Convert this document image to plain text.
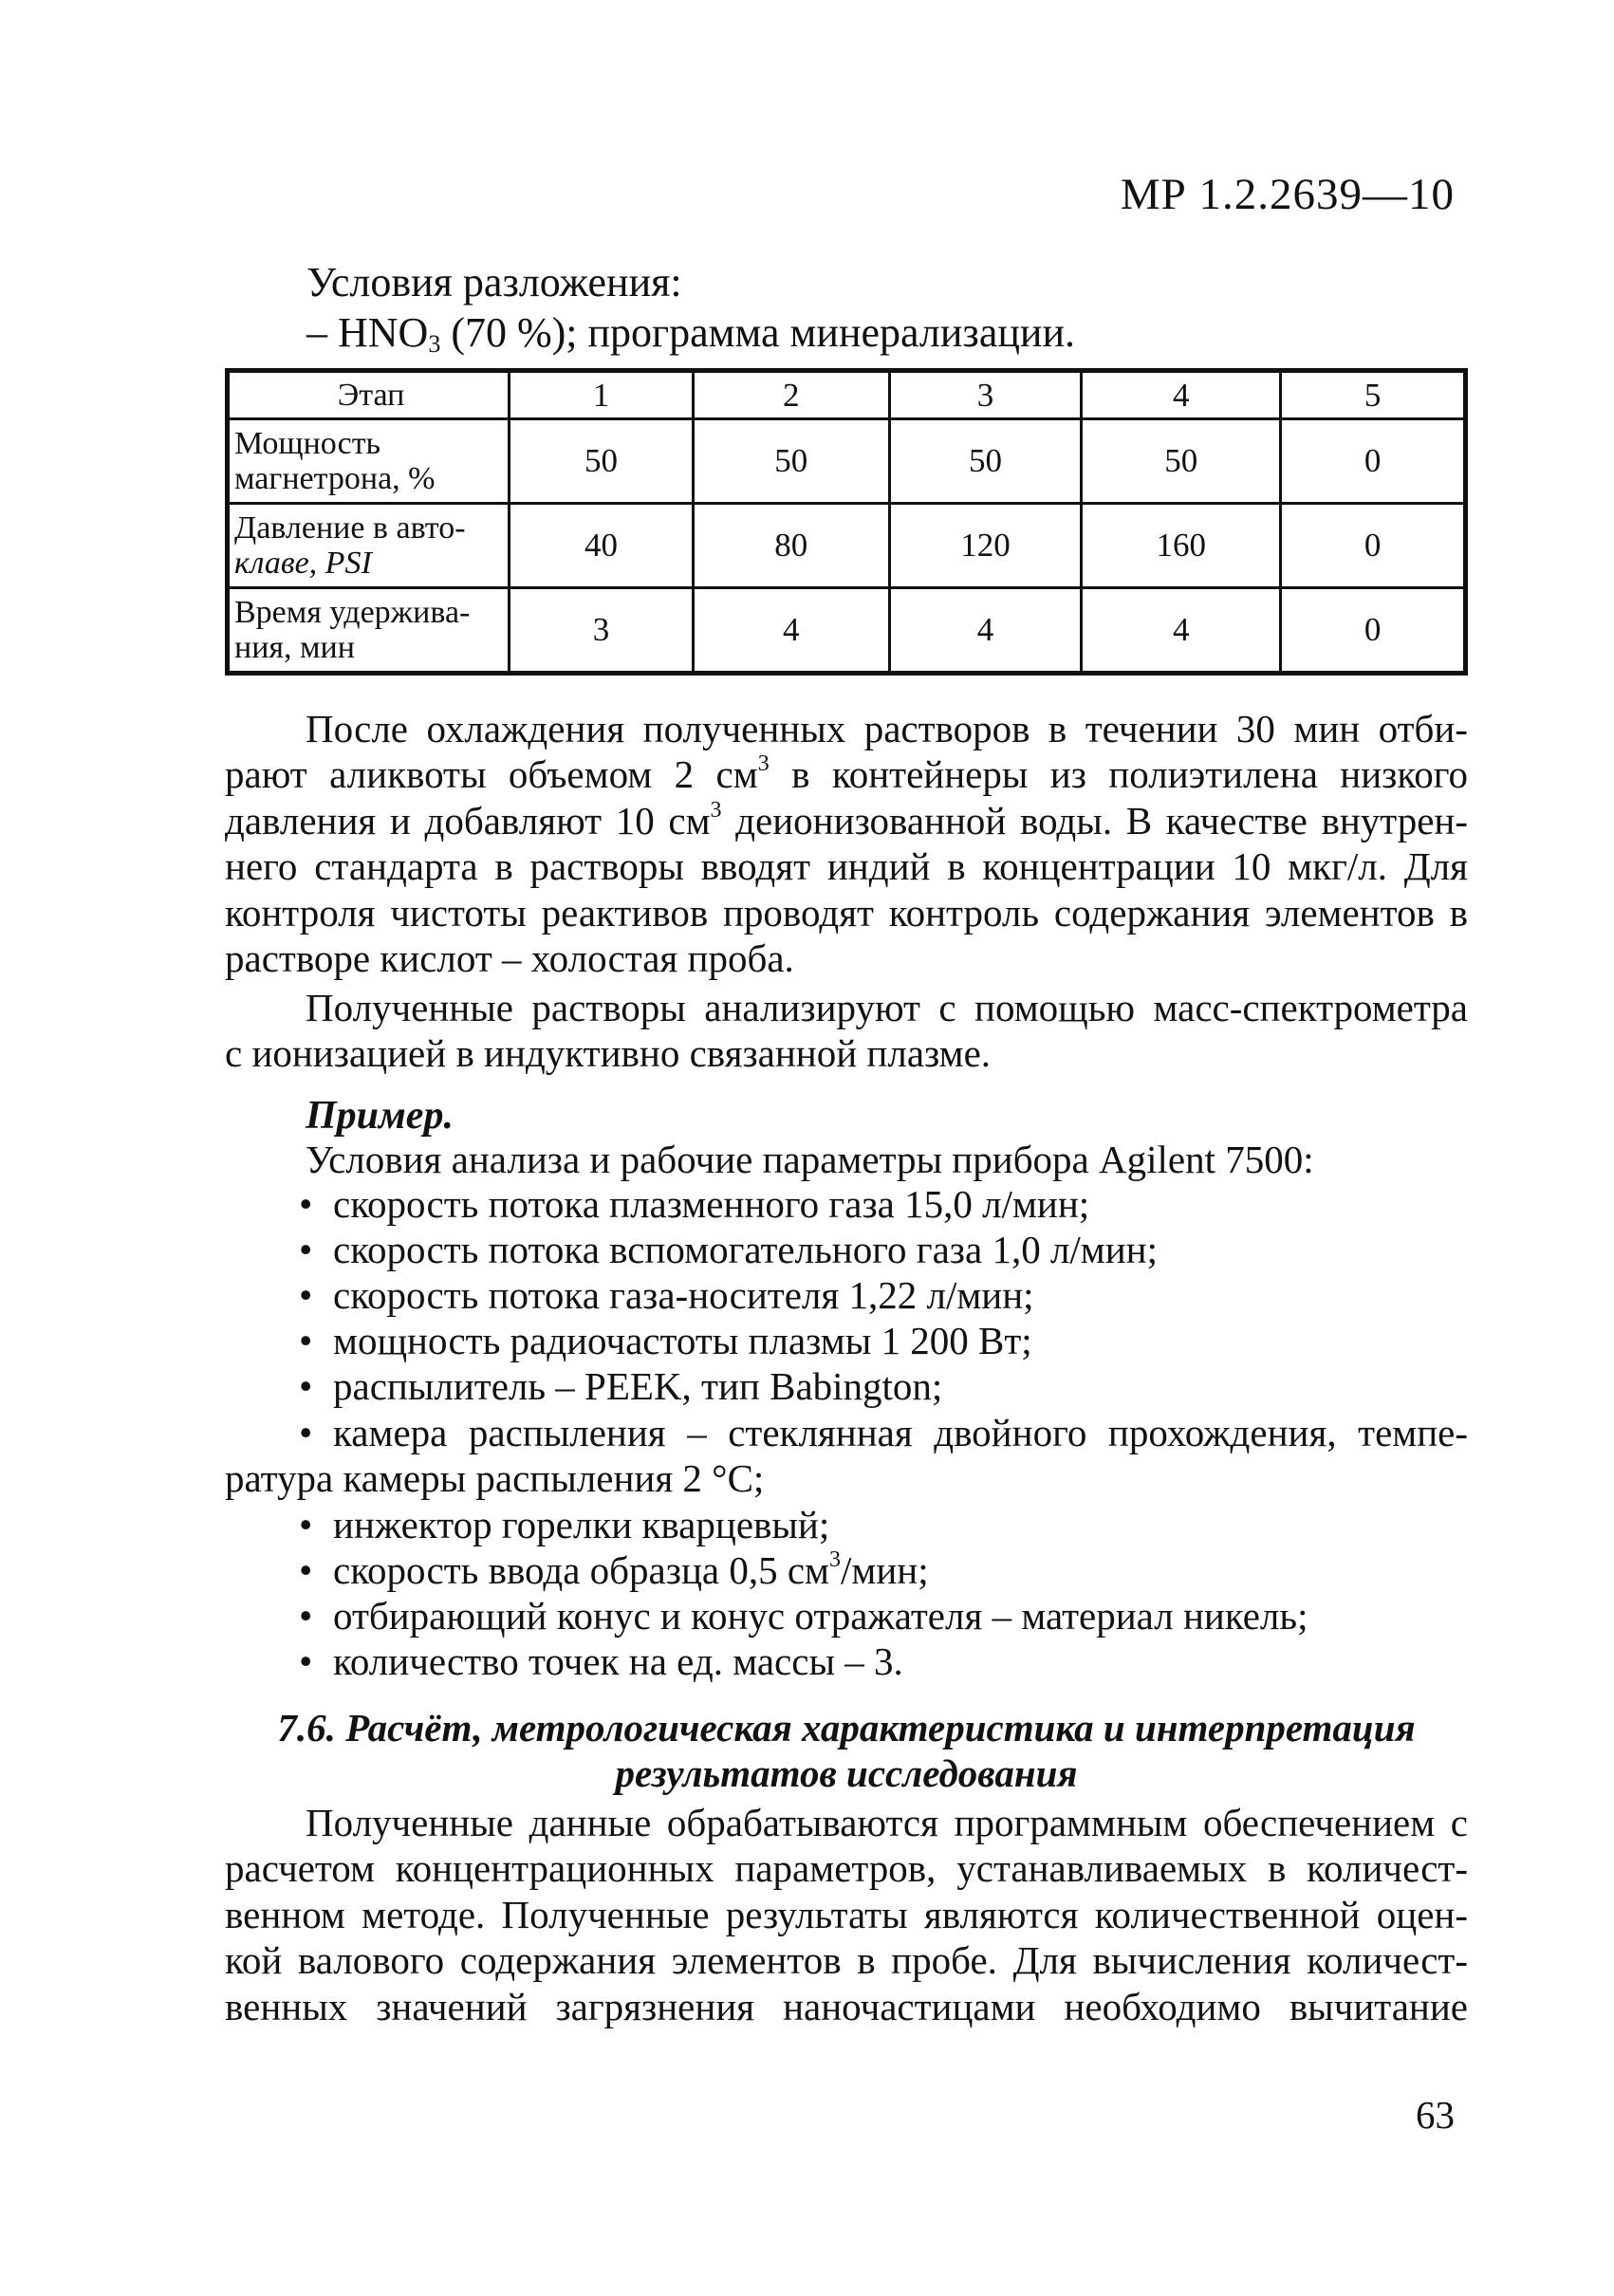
МР 1.2.2639—10
Условия разложения:
– $HNO_3$ (70 %); программа минерализации.
Этап	1	2	3	4	5
Мощность
магнетрона, %	50	50	50	50	0
Давление в авто-
клаве, PSI	40	80	120	160	0
Время удержива-
ния, мин	3	4	4	4	0
После охлаждения полученных растворов в течении 30 мин отби-
рают аликвоты объемом 2 $см^3$ в контейнеры из полиэтилена низкого
давления и добавляют 10 $см^3$ деионизованной воды. В качестве внутрен-
него стандарта в растворы вводят индий в концентрации 10 мкг/л. Для
контроля чистоты реактивов проводят контроль содержания элементов в
растворе кислот – холостая проба.
Полученные растворы анализируют с помощью масс-спектрометра
с ионизацией в индуктивно связанной плазме.
Пример.
Условия анализа и рабочие параметры прибора Agilent 7500:
• скорость потока плазменного газа 15,0 л/мин;
• скорость потока вспомогательного газа 1,0 л/мин;
• скорость потока газа-носителя 1,22 л/мин;
• мощность радиочастоты плазмы 1 200 Вт;
• распылитель – PEEK, тип Babington;
• камера распыления – стеклянная двойного прохождения, темпе-
ратура камеры распыления 2 °С;
• инжектор горелки кварцевый;
• скорость ввода образца 0,5 $см^3$/мин;
• отбирающий конус и конус отражателя – материал никель;
• количество точек на ед. массы – 3.
7.6. Расчёт, метрологическая характеристика и интерпретация
результатов исследования
Полученные данные обрабатываются программным обеспечением с
расчетом концентрационных параметров, устанавливаемых в количест-
венном методе. Полученные результаты являются количественной оцен-
кой валового содержания элементов в пробе. Для вычисления количест-
венных значений загрязнения наночастицами необходимо вычитание
63
